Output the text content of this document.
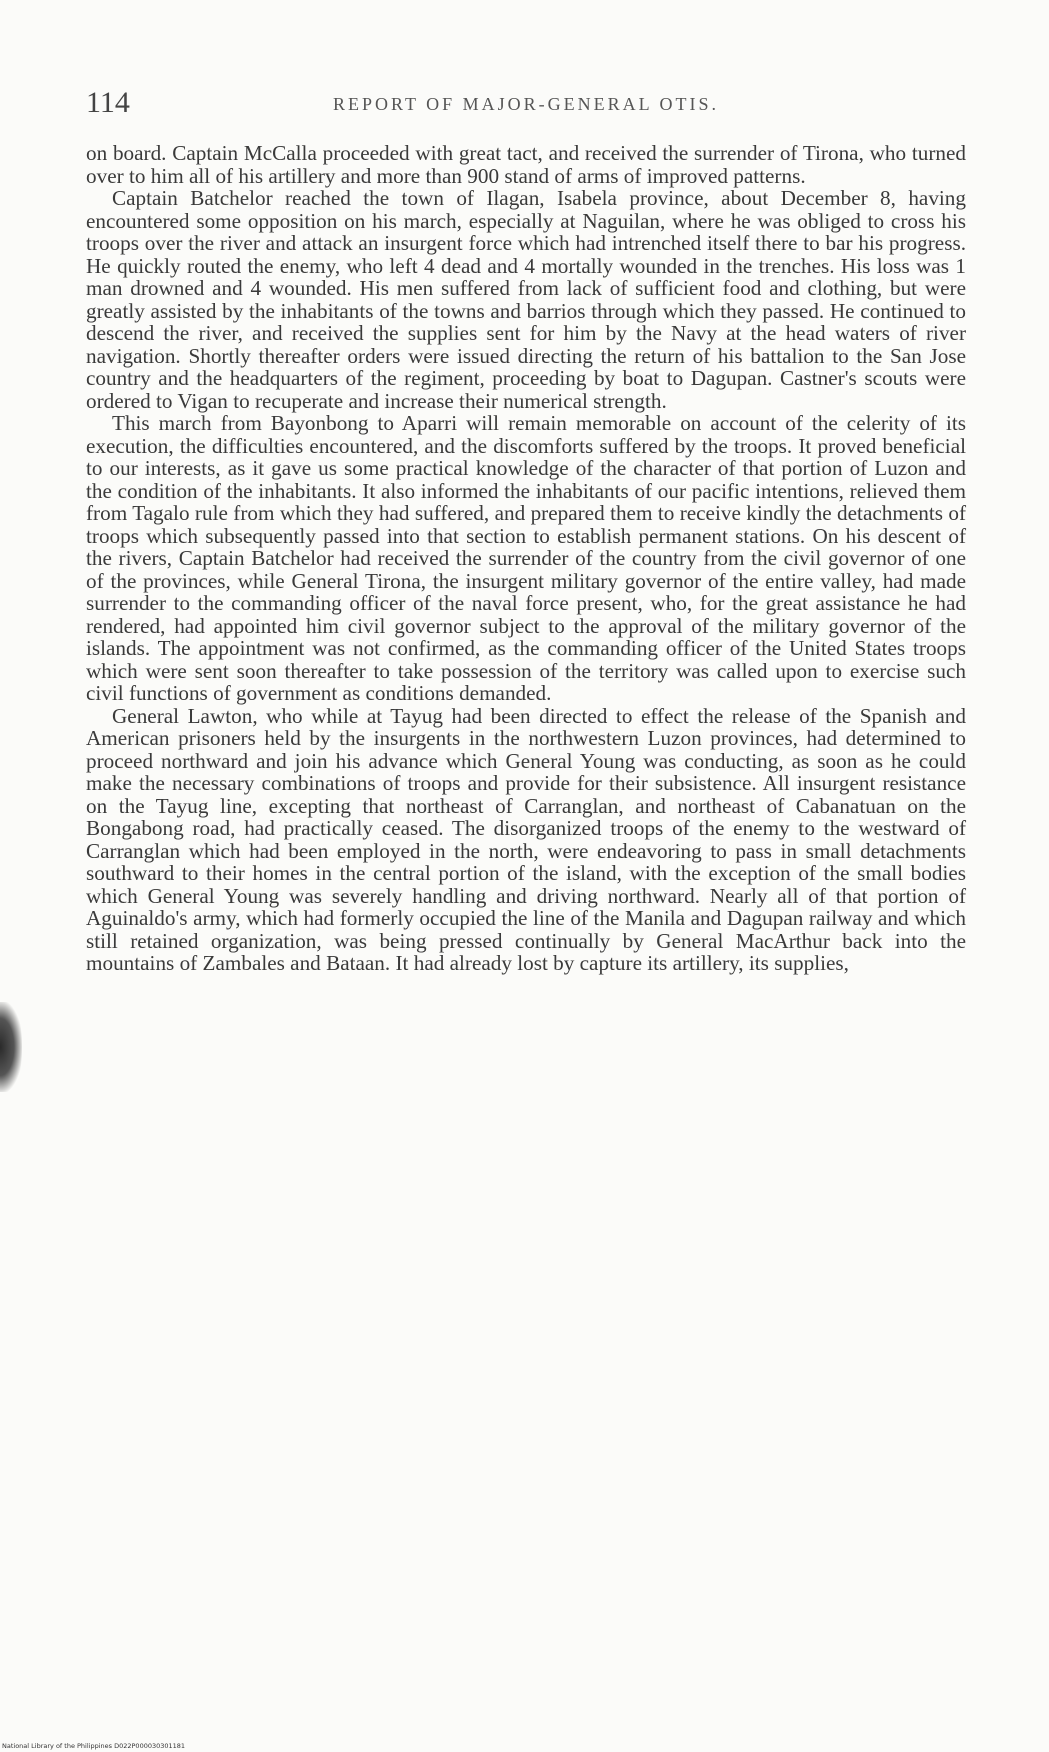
114	REPORT OF MAJOR-GENERAL OTIS.

on board. Captain McCalla proceeded with great tact, and received the surrender of Tirona, who turned over to him all of his artillery and more than 900 stand of arms of improved patterns.

Captain Batchelor reached the town of Ilagan, Isabela province, about December 8, having encountered some opposition on his march, especially at Naguilan, where he was obliged to cross his troops over the river and attack an insurgent force which had intrenched itself there to bar his progress. He quickly routed the enemy, who left 4 dead and 4 mortally wounded in the trenches. His loss was 1 man drowned and 4 wounded. His men suffered from lack of sufficient food and clothing, but were greatly assisted by the inhabitants of the towns and barrios through which they passed. He continued to descend the river, and received the supplies sent for him by the Navy at the head waters of river navigation. Shortly thereafter orders were issued directing the return of his battalion to the San Jose country and the headquarters of the regiment, proceeding by boat to Dagupan. Castner's scouts were ordered to Vigan to recuperate and increase their numerical strength.

This march from Bayonbong to Aparri will remain memorable on account of the celerity of its execution, the difficulties encountered, and the discomforts suffered by the troops. It proved beneficial to our interests, as it gave us some practical knowledge of the character of that portion of Luzon and the condition of the inhabitants. It also informed the inhabitants of our pacific intentions, relieved them from Tagalo rule from which they had suffered, and prepared them to receive kindly the detachments of troops which subsequently passed into that section to establish permanent stations. On his descent of the rivers, Captain Batchelor had received the surrender of the country from the civil governor of one of the provinces, while General Tirona, the insurgent military governor of the entire valley, had made surrender to the commanding officer of the naval force present, who, for the great assistance he had rendered, had appointed him civil governor subject to the approval of the military governor of the islands. The appointment was not confirmed, as the commanding officer of the United States troops which were sent soon thereafter to take possession of the territory was called upon to exercise such civil functions of government as conditions demanded.

General Lawton, who while at Tayug had been directed to effect the release of the Spanish and American prisoners held by the insurgents in the northwestern Luzon provinces, had determined to proceed northward and join his advance which General Young was conducting, as soon as he could make the necessary combinations of troops and provide for their subsistence. All insurgent resistance on the Tayug line, excepting that northeast of Carranglan, and northeast of Cabanatuan on the Bongabong road, had practically ceased. The disorganized troops of the enemy to the westward of Carranglan which had been employed in the north, were endeavoring to pass in small detachments southward to their homes in the central portion of the island, with the exception of the small bodies which General Young was severely handling and driving northward. Nearly all of that portion of Aguinaldo's army, which had formerly occupied the line of the Manila and Dagupan railway and which still retained organization, was being pressed continually by General MacArthur back into the mountains of Zambales and Bataan. It had already lost by capture its artillery, its supplies,

National Library of the Philippines D022P000030301181
